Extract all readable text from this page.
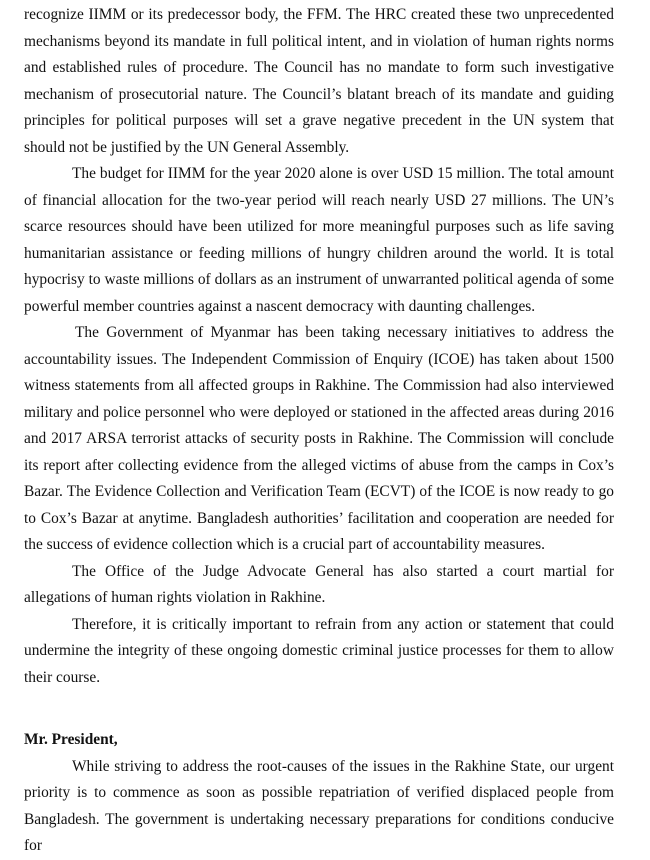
recognize IIMM or its predecessor body, the FFM. The HRC created these two unprecedented mechanisms beyond its mandate in full political intent, and in violation of human rights norms and established rules of procedure. The Council has no mandate to form such investigative mechanism of prosecutorial nature. The Council’s blatant breach of its mandate and guiding principles for political purposes will set a grave negative precedent in the UN system that should not be justified by the UN General Assembly.

The budget for IIMM for the year 2020 alone is over USD 15 million. The total amount of financial allocation for the two-year period will reach nearly USD 27 millions. The UN’s scarce resources should have been utilized for more meaningful purposes such as life saving humanitarian assistance or feeding millions of hungry children around the world. It is total hypocrisy to waste millions of dollars as an instrument of unwarranted political agenda of some powerful member countries against a nascent democracy with daunting challenges.

The Government of Myanmar has been taking necessary initiatives to address the accountability issues. The Independent Commission of Enquiry (ICOE) has taken about 1500 witness statements from all affected groups in Rakhine. The Commission had also interviewed military and police personnel who were deployed or stationed in the affected areas during 2016 and 2017 ARSA terrorist attacks of security posts in Rakhine. The Commission will conclude its report after collecting evidence from the alleged victims of abuse from the camps in Cox’s Bazar. The Evidence Collection and Verification Team (ECVT) of the ICOE is now ready to go to Cox’s Bazar at anytime. Bangladesh authorities’ facilitation and cooperation are needed for the success of evidence collection which is a crucial part of accountability measures.

The Office of the Judge Advocate General has also started a court martial for allegations of human rights violation in Rakhine.

Therefore, it is critically important to refrain from any action or statement that could undermine the integrity of these ongoing domestic criminal justice processes for them to allow their course.

Mr. President,

While striving to address the root-causes of the issues in the Rakhine State, our urgent priority is to commence as soon as possible repatriation of verified displaced people from Bangladesh. The government is undertaking necessary preparations for conditions conducive for
